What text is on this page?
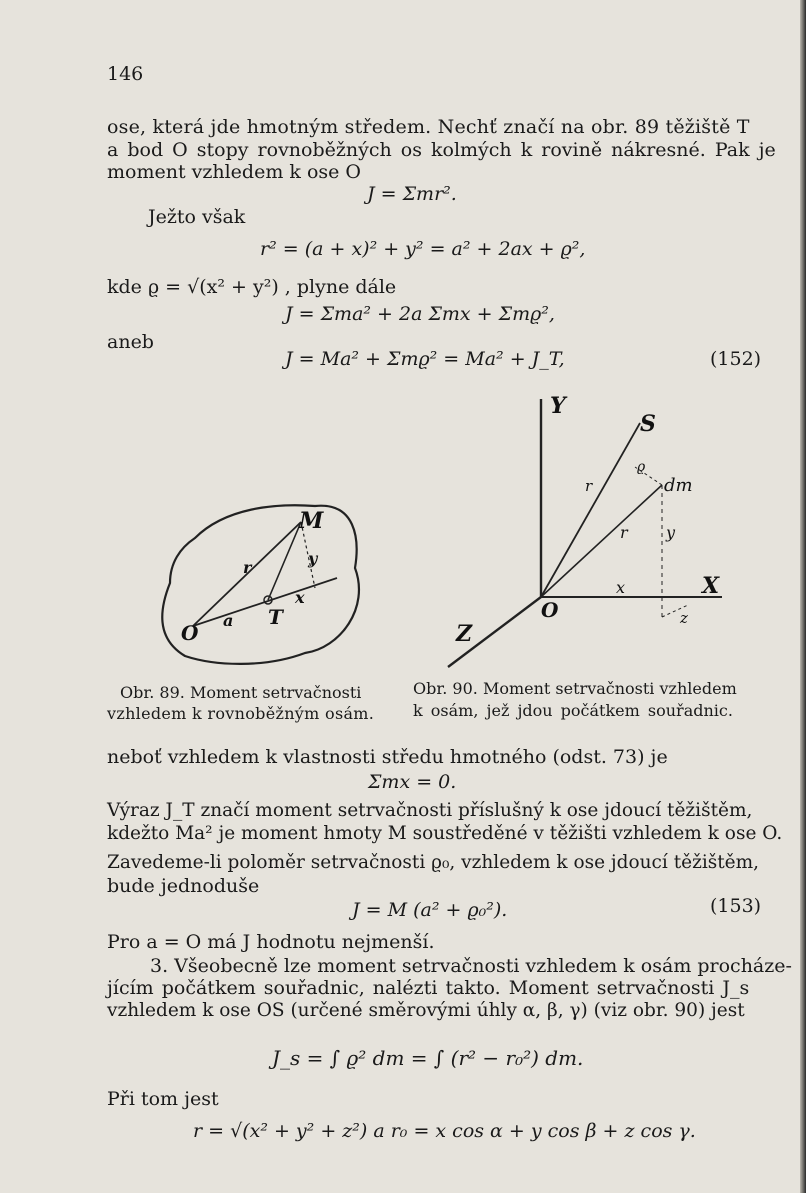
146
ose, která jde hmotným středem. Nechť značí na obr. 89 těžiště T
a bod O stopy rovnoběžných os kolmých k rovině nákresné. Pak je
moment vzhledem k ose O
J = Σmr².
Ježto však
r² = (a + x)² + y² = a² + 2ax + ϱ²,
kde ϱ = √(x² + y²) , plyne dále
J = Σma² + 2a Σmx + Σmϱ²,
aneb
J = Ma² + Σmϱ² = Ma² + J_T,	(152)
M
y
r
x
T
O
a
Y
S
ϱ
dm
r
r y
x	X
O	z
Z
Obr. 89. Moment setrvačnosti
vzhledem k rovnoběžným osám.
Obr. 90. Moment setrvačnosti vzhledem
k osám, jež jdou počátkem souřadnic.
neboť vzhledem k vlastnosti středu hmotného (odst. 73) je
Σmx = 0.
Výraz J_T značí moment setrvačnosti příslušný k ose jdoucí těžištěm,
kdežto Ma² je moment hmoty M soustředěné v těžišti vzhledem k ose O.
Zavedeme-li poloměr setrvačnosti ϱ₀, vzhledem k ose jdoucí těžištěm,
bude jednoduše
J = M (a² + ϱ₀²).	(153)
Pro a = O má J hodnotu nejmenší.
3. Všeobecně lze moment setrvačnosti vzhledem k osám procháze-
jícím počátkem souřadnic, nalézti takto. Moment setrvačnosti J_s
vzhledem k ose OS (určené směrovými úhly α, β, γ) (viz obr. 90) jest
J_s = ∫ ϱ² dm = ∫ (r² − r₀²) dm.
Při tom jest
r = √(x² + y² + z²) a r₀ = x cos α + y cos β + z cos γ.
